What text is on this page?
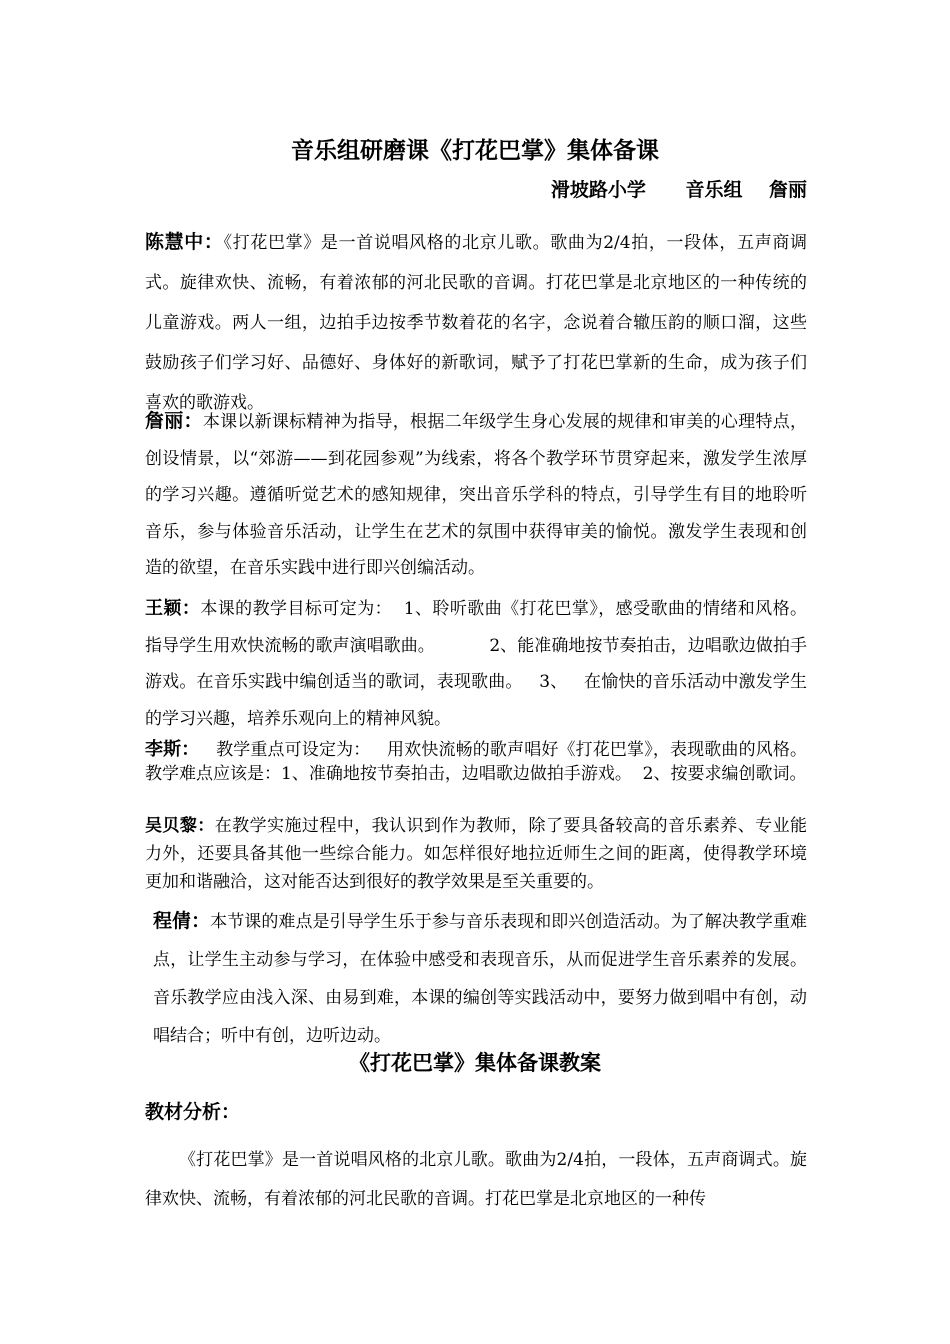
音乐组研磨课《打花巴掌》集体备课
滑坡路小学      音乐组    詹丽
陈慧中：《打花巴掌》是一首说唱风格的北京儿歌。歌曲为2/4拍，一段体，五声商调式。旋律欢快、流畅，有着浓郁的河北民歌的音调。打花巴掌是北京地区的一种传统的儿童游戏。两人一组，边拍手边按季节数着花的名字，念说着合辙压韵的顺口溜，这些鼓励孩子们学习好、品德好、身体好的新歌词，赋予了打花巴掌新的生命，成为孩子们喜欢的歌游戏。
詹丽：本课以新课标精神为指导，根据二年级学生身心发展的规律和审美的心理特点，创设情景，以“郊游——到花园参观”为线索，将各个教学环节贯穿起来，激发学生浓厚的学习兴趣。遵循听觉艺术的感知规律，突出音乐学科的特点，引导学生有目的地聆听音乐，参与体验音乐活动，让学生在艺术的氛围中获得审美的愉悦。激发学生表现和创造的欲望，在音乐实践中进行即兴创编活动。
王颖：本课的教学目标可定为：  1、聆听歌曲《打花巴掌》，感受歌曲的情绪和风格。指导学生用欢快流畅的歌声演唱歌曲。          2、能准确地按节奏拍击，边唱歌边做拍手游戏。在音乐实践中编创适当的歌词，表现歌曲。   3、   在愉快的音乐活动中激发学生的学习兴趣，培养乐观向上的精神风貌。
李斯：   教学重点可设定为：   用欢快流畅的歌声唱好《打花巴掌》，表现歌曲的风格。  教学难点应该是：1、准确地按节奏拍击，边唱歌边做拍手游戏。  2、按要求编创歌词。
吴贝黎：在教学实施过程中，我认识到作为教师，除了要具备较高的音乐素养、专业能力外，还要具备其他一些综合能力。如怎样很好地拉近师生之间的距离，使得教学环境更加和谐融洽，这对能否达到很好的教学效果是至关重要的。
程倩：本节课的难点是引导学生乐于参与音乐表现和即兴创造活动。为了解决教学重难点，让学生主动参与学习，在体验中感受和表现音乐，从而促进学生音乐素养的发展。音乐教学应由浅入深、由易到难，本课的编创等实践活动中，要努力做到唱中有创，动唱结合；听中有创，边听边动。
《打花巴掌》集体备课教案
教材分析：
《打花巴掌》是一首说唱风格的北京儿歌。歌曲为2/4拍，一段体，五声商调式。旋律欢快、流畅，有着浓郁的河北民歌的音调。打花巴掌是北京地区的一种传
